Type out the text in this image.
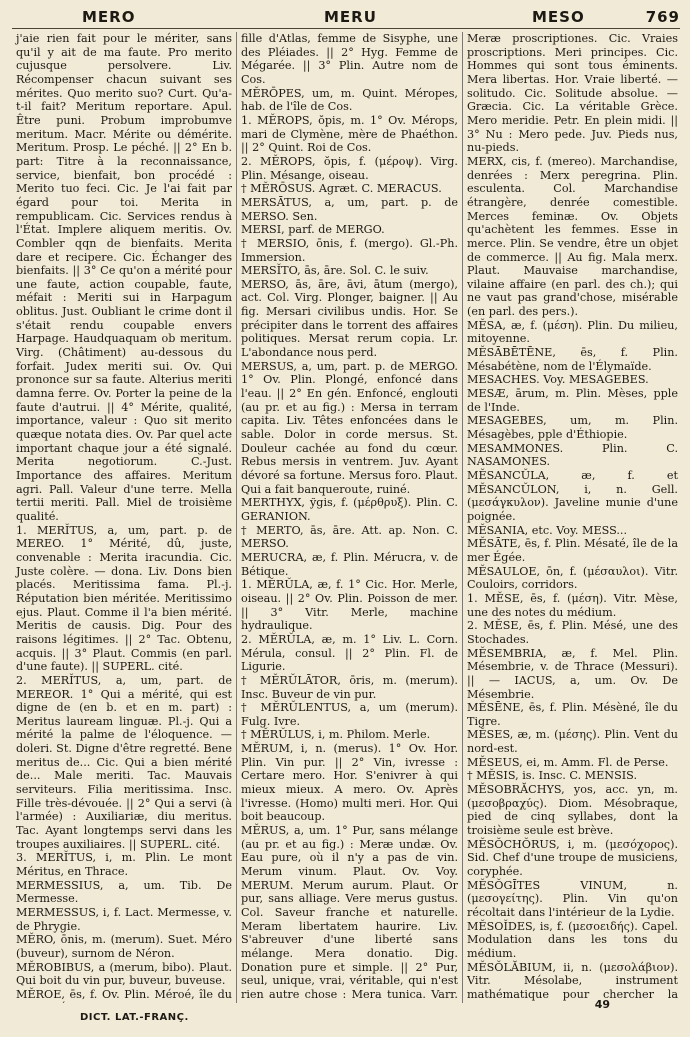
MERO	MERU	MESO	769

j'aie rien fait pour le mériter, sans qu'il y ait de ma faute. Pro merito cujusque persolvere. Liv. Récompenser chacun suivant ses mérites. Quo merito suo? Curt. Qu'a-t-il fait? Meritum reportare. Apul. Être puni. Probum improbumve meritum. Macr. Mérite ou démérite. Meritum. Prosp. Le péché. || 2° En b. part: Titre à la reconnaissance, service, bienfait, bon procédé : Merito tuo feci. Cic. Je l'ai fait par égard pour toi. Merita in rempublicam. Cic. Services rendus à l'État. Implere aliquem meritis. Ov. Combler qqn de bienfaits. Merita dare et recipere. Cic. Échanger des bienfaits. || 3° Ce qu'on a mérité pour une faute, action coupable, faute, méfait : Meriti sui in Harpagum oblitus. Just. Oubliant le crime dont il s'était rendu coupable envers Harpage. Haudquaquam ob meritum. Virg. (Châtiment) au-dessous du forfait. Judex meriti sui. Ov. Qui prononce sur sa faute. Alterius meriti damna ferre. Ov. Porter la peine de la faute d'autrui. || 4° Mérite, qualité, importance, valeur : Quo sit merito quæque notata dies. Ov. Par quel acte important chaque jour a été signalé. Merita negotiorum. C.-Just. Importance des affaires. Meritum agri. Pall. Valeur d'une terre. Mella tertii meriti. Pall. Miel de troisième qualité.

1. MERĬTUS, a, um, part. p. de MEREO. 1° Mérité, dû, juste, convenable : Merita iracundia. Cic. Juste colère. — dona. Liv. Dons bien placés. Meritissima fama. Pl.-j. Réputation bien méritée. Meritissimo ejus. Plaut. Comme il l'a bien mérité. Meritis de causis. Dig. Pour des raisons légitimes. || 2° Tac. Obtenu, acquis. || 3° Plaut. Commis (en parl. d'une faute). || SUPERL. cité.

2. MERĬTUS, a, um, part. de MEREOR. 1° Qui a mérité, qui est digne de (en b. et en m. part) : Meritus lauream linguæ. Pl.-j. Qui a mérité la palme de l'éloquence. — doleri. St. Digne d'être regretté. Bene meritus de... Cic. Qui a bien mérité de... Male meriti. Tac. Mauvais serviteurs. Filia meritissima. Insc. Fille très-dévouée. || 2° Qui a servi (à l'armée) : Auxiliariæ, diu meritus. Tac. Ayant longtemps servi dans les troupes auxiliaires. || SUPERL. cité.

3. MERĬTUS, i, m. Plin. Le mont Méritus, en Thrace.

MERMESSIUS, a, um. Tib. De Mermesse.

MERMESSUS, i, f. Lact. Mermesse, v. de Phrygie.

MĔRO, ōnis, m. (merum). Suet. Méro (buveur), surnom de Néron.

MĔROBIBUS, a (merum, bibo). Plaut. Qui boit du vin pur, buveur, buveuse.

MĔROE, ēs, f. Ov. Plin. Méroé, île du

fille d'Atlas, femme de Sisyphe, une des Pléiades. || 2° Hyg. Femme de Mégarée. || 3° Plin. Autre nom de Cos.

MĔRŌPES, um, m. Quint. Méropes, hab. de l'île de Cos.

1. MĔROPS, ŏpis, m. 1° Ov. Mérops, mari de Clymène, mère de Phaéthon. || 2° Quint. Roi de Cos.

2. MĔROPS, ŏpis, f. (μέροψ). Virg. Plin. Mésange, oiseau.

† MĔRŌSUS. Agræt. C. MERACUS.

MERSĀTUS, a, um, part. p. de MERSO. Sen.

MERSI, parf. de MERGO.

† MERSIO, ōnis, f. (mergo). Gl.-Ph. Immersion.

MERSĬTO, ās, āre. Sol. C. le suiv.

MERSO, ās, āre, āvi, ātum (mergo), act. Col. Virg. Plonger, baigner. || Au fig. Mersari civilibus undis. Hor. Se précipiter dans le torrent des affaires politiques. Mersat rerum copia. Lr. L'abondance nous perd.

MERSUS, a, um, part. p. de MERGO. 1° Ov. Plin. Plongé, enfoncé dans l'eau. || 2° En gén. Enfoncé, englouti (au pr. et au fig.) : Mersa in terram capita. Liv. Têtes enfoncées dans le sable. Dolor in corde mersus. St. Douleur cachée au fond du cœur. Rebus mersis in ventrem. Juv. Ayant dévoré sa fortune. Mersus foro. Plaut. Qui a fait banqueroute, ruiné.

MERTHYX, ўgis, f. (μέρθρυξ). Plin. C. GERANION.

† MERTO, ās, āre. Att. ap. Non. C. MERSO.

MERUCRA, æ, f. Plin. Mérucra, v. de Bétique.

1. MĔRŬLA, æ, f. 1° Cic. Hor. Merle, oiseau. || 2° Ov. Plin. Poisson de mer. || 3° Vitr. Merle, machine hydraulique.

2. MĔRŬLA, æ, m. 1° Liv. L. Corn. Mérula, consul. || 2° Plin. Fl. de Ligurie.

† MĔRŬLĀTOR, ōris, m. (merum). Insc. Buveur de vin pur.

† MĔRŬLENTUS, a, um (merum). Fulg. Ivre.

† MĔRŬLUS, i, m. Philom. Merle.

MĔRUM, i, n. (merus). 1° Ov. Hor. Plin. Vin pur. || 2° Vin, ivresse : Certare mero. Hor. S'enivrer à qui mieux mieux. A mero. Ov. Après l'ivresse. (Homo) multi meri. Hor. Qui boit beaucoup.

MĔRUS, a, um. 1° Pur, sans mélange (au pr. et au fig.) : Meræ undæ. Ov. Eau pure, où il n'y a pas de vin. Merum vinum. Plaut. Ov. Voy. MERUM. Merum aurum. Plaut. Or pur, sans alliage. Vere merus gustus. Col. Saveur franche et naturelle. Meram libertatem haurire. Liv. S'abreuver d'une liberté sans mélange. Mera donatio. Dig. Donation pure et simple. || 2° Pur, seul, unique, vrai, véritable, qui n'est rien autre chose : Mera tunica. Varr.

Meræ proscriptiones. Cic. Vraies proscriptions. Meri principes. Cic. Hommes qui sont tous éminents. Mera libertas. Hor. Vraie liberté. — solitudo. Cic. Solitude absolue. — Græcia. Cic. La véritable Grèce. Mero meridie. Petr. En plein midi. || 3° Nu : Mero pede. Juv. Pieds nus, nu-pieds.

MERX, cis, f. (mereo). Marchandise, denrées : Merx peregrina. Plin. esculenta. Col. Marchandise étrangère, denrée comestible. Merces feminæ. Ov. Objets qu'achètent les femmes. Esse in merce. Plin. Se vendre, être un objet de commerce. || Au fig. Mala merx. Plaut. Mauvaise marchandise, vilaine affaire (en parl. des ch.); qui ne vaut pas grand'chose, misérable (en parl. des pers.).

MĔSA, æ, f. (μέση). Plin. Du milieu, mitoyenne.

MĔSĀBĒTĒNE, ēs, f. Plin. Mésabétène, nom de l'Élymaïde.

MESACHES. Voy. MESAGEBES.

MESÆ, ārum, m. Plin. Mèses, pple de l'Inde.

MESAGEBES, um, m. Plin. Mésagèbes, pple d'Éthiopie.

MESAMMONES. Plin. C. NASAMONES.

MĔSANCŬLA, æ, f. et MĔSANCŬLON, i, n. Gell. (μεσάγκυλον). Javeline munie d'une poignée.

MĔSANIA, etc. Voy. MESS...

MĔSĀTE, ēs, f. Plin. Mésaté, île de la mer Égée.

MĔSAULOE, ōn, f. (μέσαυλοι). Vitr. Couloirs, corridors.

1. MĔSE, ēs, f. (μέση). Vitr. Mèse, une des notes du médium.

2. MĔSE, ēs, f. Plin. Mésé, une des Stochades.

MĔSEMBRIA, æ, f. Mel. Plin. Mésembrie, v. de Thrace (Messuri). || — IACUS, a, um. Ov. De Mésembrie.

MĔSĒNE, ēs, f. Plin. Mésèné, île du Tigre.

MĔSES, æ, m. (μέσης). Plin. Vent du nord-est.

MĔSEUS, ei, m. Amm. Fl. de Perse.

† MĔSIS, is. Insc. C. MENSIS.

MĔSOBRĂCHYS, yos, acc. yn, m. (μεσοβραχύς). Diom. Mésobraque, pied de cinq syllabes, dont la troisième seule est brève.

MĔSŎCHŎRUS, i, m. (μεσόχορος). Sid. Chef d'une troupe de musiciens, coryphée.

MĔSŎGĪTES VINUM, n. (μεσογείτης). Plin. Vin qu'on récoltait dans l'intérieur de la Lydie.

MĔSOĬDES, is, f. (μεσοειδής). Capel. Modulation dans les tons du médium.

MĔSŎLĂBIUM, ii, n. (μεσολάβιον). Vitr. Mésolabe, instrument mathématique pour chercher la

49
DICT. LAT.-FRANÇ.
